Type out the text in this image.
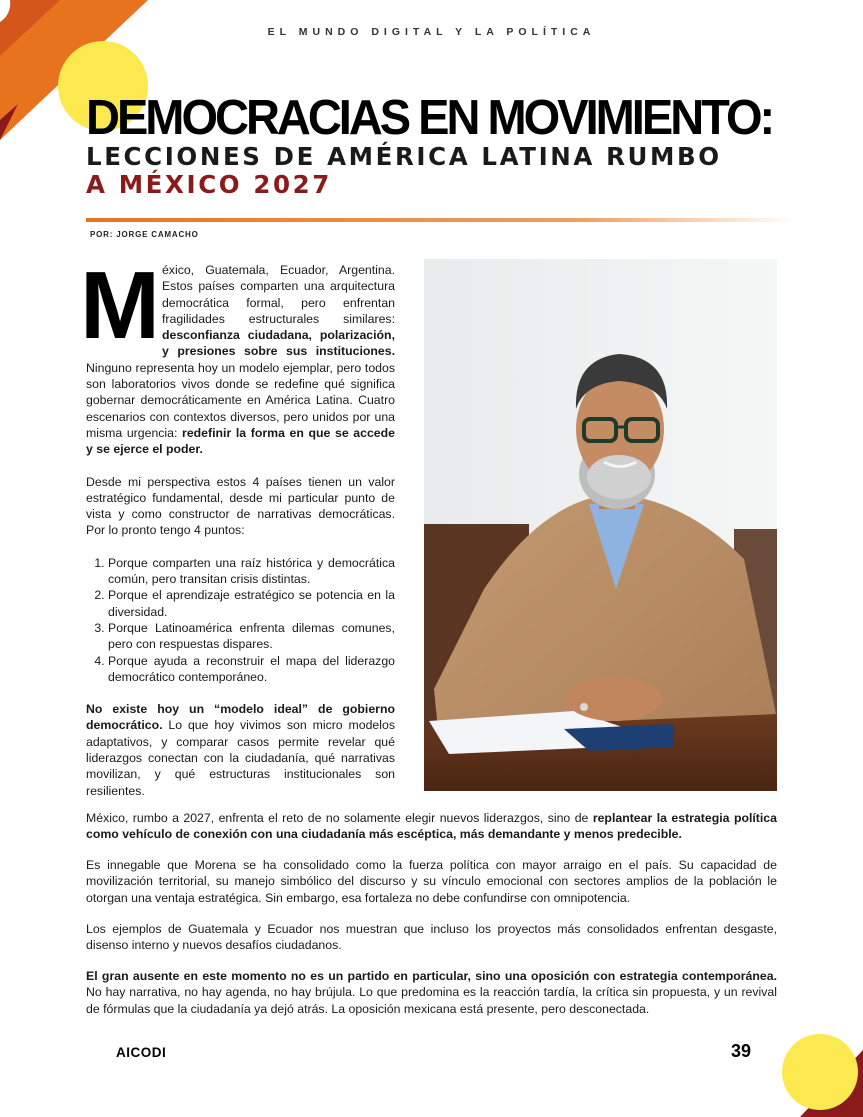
EL MUNDO DIGITAL Y LA POLÍTICA
DEMOCRACIAS EN MOVIMIENTO:
LECCIONES DE AMÉRICA LATINA RUMBO
A MÉXICO 2027
POR: JORGE CAMACHO

México, Guatemala, Ecuador, Argentina. Estos países comparten una arquitectura democrática formal, pero enfrentan fragilidades estructurales similares: desconfianza ciudadana, polarización, y presiones sobre sus instituciones. Ninguno representa hoy un modelo ejemplar, pero todos son laboratorios vivos donde se redefine qué significa gobernar democráticamente en América Latina. Cuatro escenarios con contextos diversos, pero unidos por una misma urgencia: redefinir la forma en que se accede y se ejerce el poder.

Desde mi perspectiva estos 4 países tienen un valor estratégico fundamental, desde mi particular punto de vista y como constructor de narrativas democráticas. Por lo pronto tengo 4 puntos:

1. Porque comparten una raíz histórica y democrática común, pero transitan crisis distintas.
2. Porque el aprendizaje estratégico se potencia en la diversidad.
3. Porque Latinoamérica enfrenta dilemas comunes, pero con respuestas dispares.
4. Porque ayuda a reconstruir el mapa del liderazgo democrático contemporáneo.

No existe hoy un “modelo ideal” de gobierno democrático. Lo que hoy vivimos son micro modelos adaptativos, y comparar casos permite revelar qué liderazgos conectan con la ciudadanía, qué narrativas movilizan, y qué estructuras institucionales son resilientes.

México, rumbo a 2027, enfrenta el reto de no solamente elegir nuevos liderazgos, sino de replantear la estrategia política como vehículo de conexión con una ciudadanía más escéptica, más demandante y menos predecible.

Es innegable que Morena se ha consolidado como la fuerza política con mayor arraigo en el país. Su capacidad de movilización territorial, su manejo simbólico del discurso y su vínculo emocional con sectores amplios de la población le otorgan una ventaja estratégica. Sin embargo, esa fortaleza no debe confundirse con omnipotencia.

Los ejemplos de Guatemala y Ecuador nos muestran que incluso los proyectos más consolidados enfrentan desgaste, disenso interno y nuevos desafíos ciudadanos.

El gran ausente en este momento no es un partido en particular, sino una oposición con estrategia contemporánea. No hay narrativa, no hay agenda, no hay brújula. Lo que predomina es la reacción tardía, la crítica sin propuesta, y un revival de fórmulas que la ciudadanía ya dejó atrás. La oposición mexicana está presente, pero desconectada.

AICODI	39
